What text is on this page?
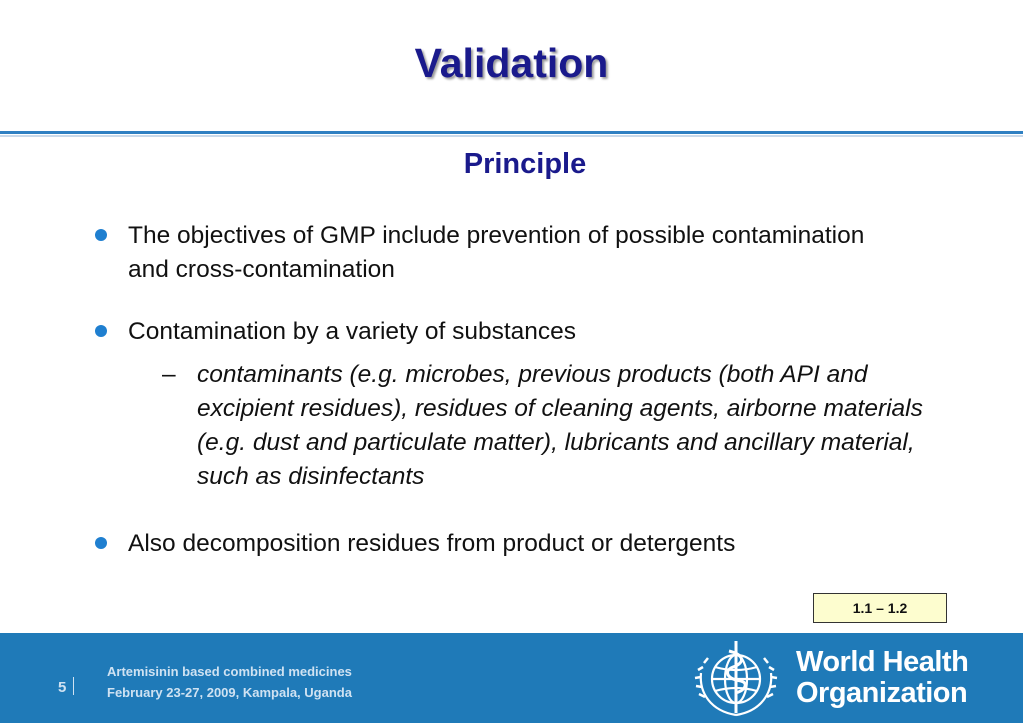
Validation
Principle
The objectives of GMP include prevention of possible contamination and cross-contamination
Contamination by a variety of substances
– contaminants (e.g. microbes, previous products (both API and excipient residues), residues of cleaning agents, airborne materials (e.g. dust and particulate matter), lubricants and ancillary material, such as disinfectants
Also decomposition residues from product or detergents
1.1 – 1.2
5
Artemisinin based combined medicines
February 23-27, 2009, Kampala, Uganda
World Health
Organization
